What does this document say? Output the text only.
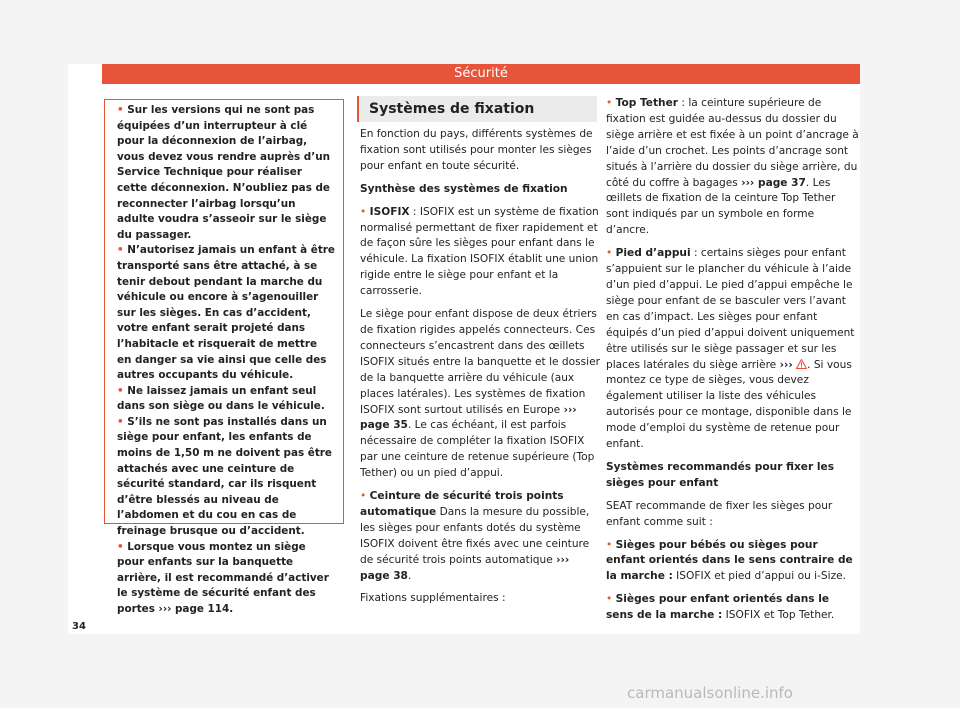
Sécurité

• Sur les versions qui ne sont pas équipées d’un interrupteur à clé pour la déconnexion de l’airbag, vous devez vous rendre auprès d’un Service Technique pour réaliser cette déconnexion. N’oubliez pas de reconnecter l’airbag lorsqu’un adulte voudra s’asseoir sur le siège du passager.

• N’autorisez jamais un enfant à être transporté sans être attaché, à se tenir debout pendant la marche du véhicule ou encore à s’agenouiller sur les sièges. En cas d’accident, votre enfant serait projeté dans l’habitacle et risquerait de mettre en danger sa vie ainsi que celle des autres occupants du véhicule.

• Ne laissez jamais un enfant seul dans son siège ou dans le véhicule.

• S’ils ne sont pas installés dans un siège pour enfant, les enfants de moins de 1,50 m ne doivent pas être attachés avec une ceinture de sécurité standard, car ils risquent d’être blessés au niveau de l’abdomen et du cou en cas de freinage brusque ou d’accident.

• Lorsque vous montez un siège pour enfants sur la banquette arrière, il est recommandé d’activer le système de sécurité enfant des portes ››› page 114.

Systèmes de fixation

En fonction du pays, différents systèmes de fixation sont utilisés pour monter les sièges pour enfant en toute sécurité.

Synthèse des systèmes de fixation

• ISOFIX : ISOFIX est un système de fixation normalisé permettant de fixer rapidement et de façon sûre les sièges pour enfant dans le véhicule. La fixation ISOFIX établit une union rigide entre le siège pour enfant et la carrosserie.

Le siège pour enfant dispose de deux étriers de fixation rigides appelés connecteurs. Ces connecteurs s’encastrent dans des œillets ISOFIX situés entre la banquette et le dossier de la banquette arrière du véhicule (aux places latérales). Les systèmes de fixation ISOFIX sont surtout utilisés en Europe ››› page 35. Le cas échéant, il est parfois nécessaire de compléter la fixation ISOFIX par une ceinture de retenue supérieure (Top Tether) ou un pied d’appui.

• Ceinture de sécurité trois points automatique Dans la mesure du possible, les sièges pour enfants dotés du système ISOFIX doivent être fixés avec une ceinture de sécurité trois points automatique ››› page 38.

Fixations supplémentaires :

• Top Tether : la ceinture supérieure de fixation est guidée au-dessus du dossier du siège arrière et est fixée à un point d’ancrage à l’aide d’un crochet. Les points d’ancrage sont situés à l’arrière du dossier du siège arrière, du côté du coffre à bagages ››› page 37. Les œillets de fixation de la ceinture Top Tether sont indiqués par un symbole en forme d’ancre.

• Pied d’appui : certains sièges pour enfant s’appuient sur le plancher du véhicule à l’aide d’un pied d’appui. Le pied d’appui empêche le siège pour enfant de se basculer vers l’avant en cas d’impact. Les sièges pour enfant équipés d’un pied d’appui doivent uniquement être utilisés sur le siège passager et sur les places latérales du siège arrière ››› . Si vous montez ce type de sièges, vous devez également utiliser la liste des véhicules autorisés pour ce montage, disponible dans le mode d’emploi du système de retenue pour enfant.

Systèmes recommandés pour fixer les sièges pour enfant

SEAT recommande de fixer les sièges pour enfant comme suit :

• Sièges pour bébés ou sièges pour enfant orientés dans le sens contraire de la marche : ISOFIX et pied d’appui ou i-Size.

• Sièges pour enfant orientés dans le sens de la marche : ISOFIX et Top Tether.

34
carmanualsonline.info
